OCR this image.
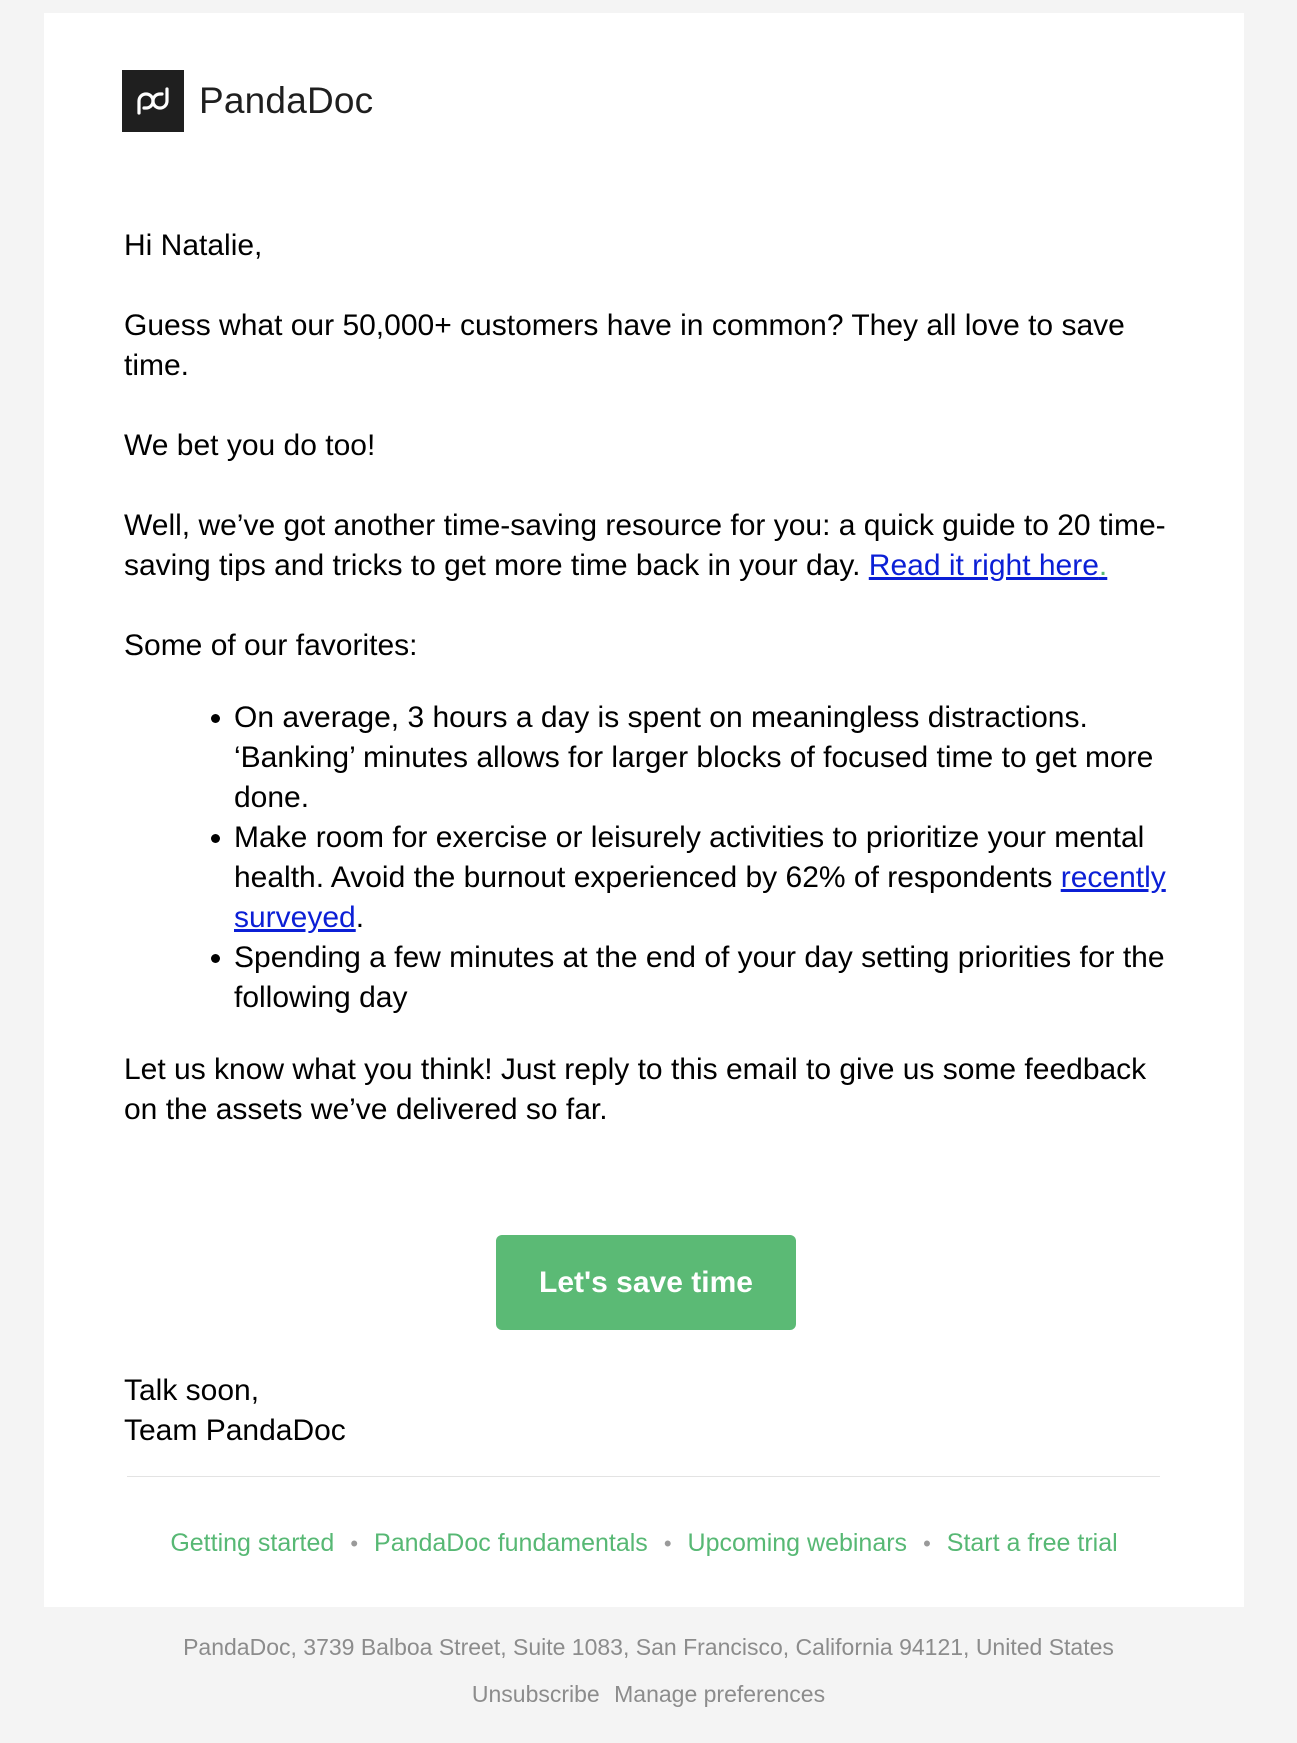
PandaDoc

Hi Natalie,

Guess what our 50,000+ customers have in common? They all love to save time.

We bet you do too!

Well, we’ve got another time-saving resource for you: a quick guide to 20 time-saving tips and tricks to get more time back in your day. Read it right here.

Some of our favorites:

On average, 3 hours a day is spent on meaningless distractions. ‘Banking’ minutes allows for larger blocks of focused time to get more done.
Make room for exercise or leisurely activities to prioritize your mental health. Avoid the burnout experienced by 62% of respondents recently surveyed.
Spending a few minutes at the end of your day setting priorities for the following day

Let us know what you think! Just reply to this email to give us some feedback on the assets we’ve delivered so far.

Let's save time
Talk soon,
Team PandaDoc
Getting started • PandaDoc fundamentals • Upcoming webinars • Start a free trial
PandaDoc, 3739 Balboa Street, Suite 1083, San Francisco, California 94121, United States
Unsubscribe Manage preferences
